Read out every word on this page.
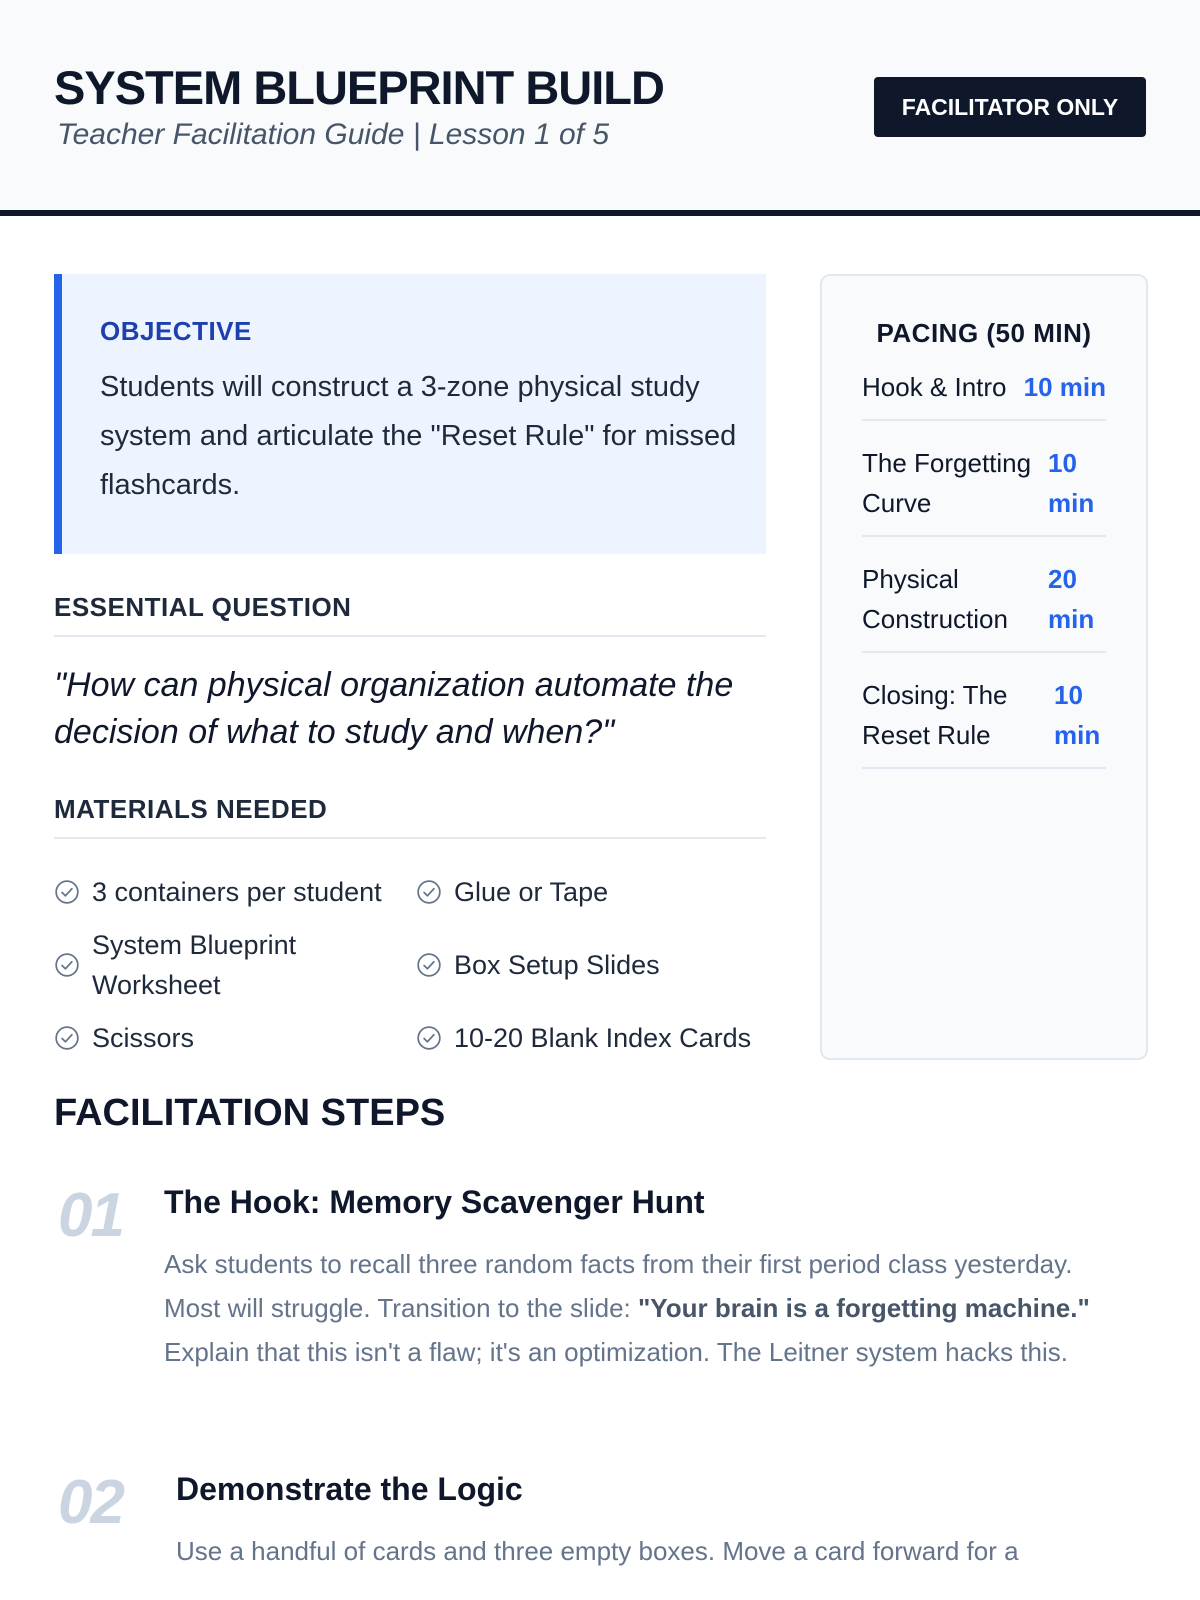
SYSTEM BLUEPRINT BUILD
Teacher Facilitation Guide | Lesson 1 of 5
FACILITATOR ONLY
OBJECTIVE

Students will construct a 3-zone physical study system and articulate the "Reset Rule" for missed flashcards.

ESSENTIAL QUESTION

"How can physical organization automate the decision of what to study and when?"

MATERIALS NEEDED
3 containers per student	Glue or Tape
System Blueprint Worksheet
Box Setup Slides
Scissors	10-20 Blank Index Cards
PACING (50 MIN)
Hook & Intro 10 min
The Forgetting Curve
10 min
Physical Construction
20 min
Closing: The Reset Rule
10 min
FACILITATION STEPS
01 The Hook: Memory Scavenger Hunt

Ask students to recall three random facts from their first period class yesterday. Most will struggle. Transition to the slide: "Your brain is a forgetting machine." Explain that this isn't a flaw; it's an optimization. The Leitner system hacks this.

02 Demonstrate the Logic

Use a handful of cards and three empty boxes. Move a card forward for a
